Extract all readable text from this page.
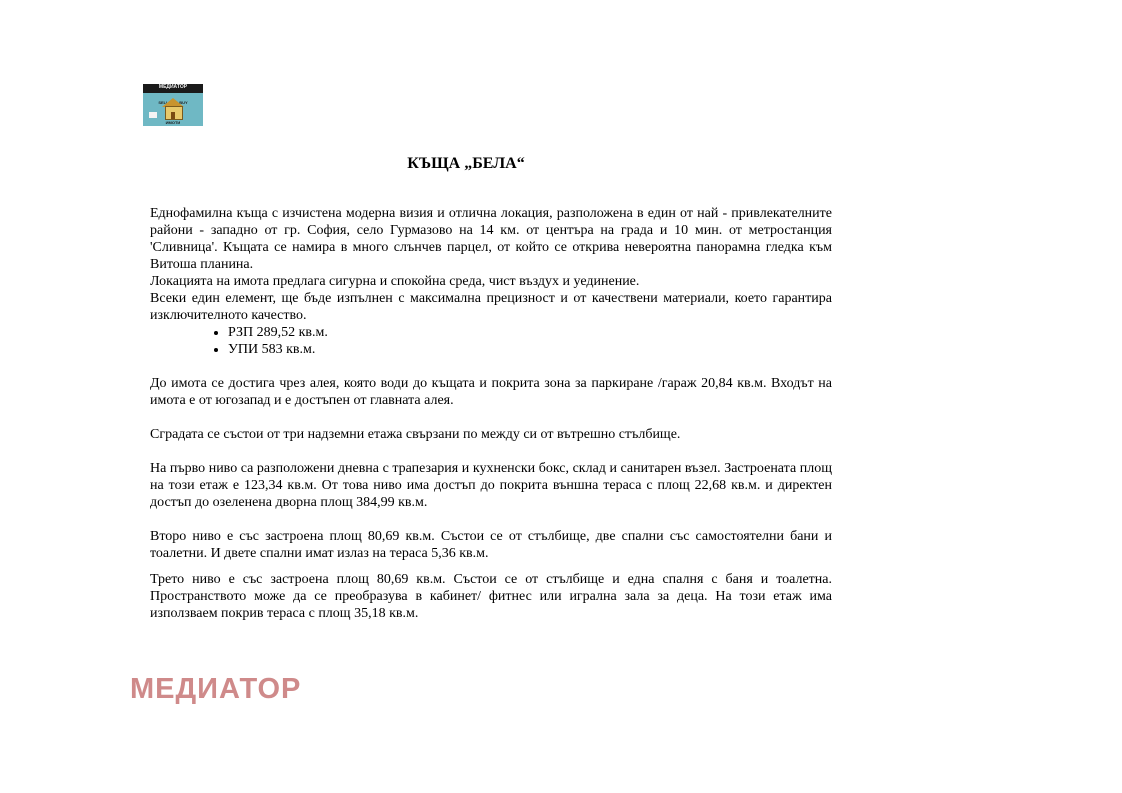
МЕДИАТОР
SELL AND BUY
ИМОТИ
КЪЩА „БЕЛА“

Еднофамилна къща с изчистена модерна визия и отлична локация, разположена в един от най - привлекателните райони - западно от гр. София, село Гурмазово на 14 км. от центъра на града и 10 мин. от метростанция 'Сливница'. Къщата се намира в много слънчев парцел, от който се открива невероятна панорамна гледка към Витоша планина.

Локацията на имота предлага сигурна и спокойна среда, чист въздух и уединение.

Всеки един елемент, ще бъде изпълнен с максимална прецизност и от качествени материали, което гарантира изключителното качество.

• РЗП 289,52 кв.м.
• УПИ 583 кв.м.

До имота се достига чрез алея, която води до къщата и покрита зона за паркиране /гараж 20,84 кв.м. Входът на имота е от югозапад и е достъпен от главната алея.

Сградата се състои от три надземни етажа свързани по между си от вътрешно стълбище.

На първо ниво са разположени дневна с трапезария и кухненски бокс, склад и санитарен възел. Застроената площ на този етаж е 123,34 кв.м. От това ниво има достъп до покрита външна тераса с площ 22,68 кв.м. и директен достъп до озеленена дворна площ 384,99 кв.м.

Второ ниво е със застроена площ 80,69 кв.м. Състои се от стълбище, две спални със самостоятелни бани и тоалетни. И двете спални имат излаз на тераса 5,36 кв.м.

Трето ниво е със застроена площ 80,69 кв.м. Състои се от стълбище и една спалня с баня и тоалетна. Пространството може да се преобразува в кабинет/ фитнес или игрална зала за деца. На този етаж има използваем покрив тераса с площ 35,18 кв.м.

МЕДИАТОР
